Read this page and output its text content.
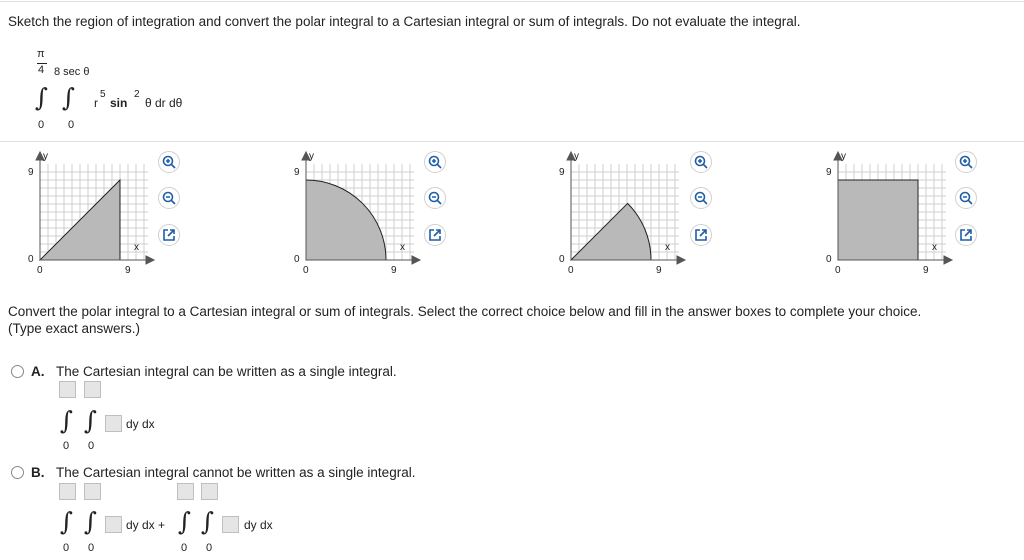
Sketch the region of integration and convert the polar integral to a Cartesian integral or sum of integrals. Do not evaluate the integral.
π
4 8 sec θ
∫ ∫
0 0
r
5
sin
2
θ dr dθ
y
9
0
x
0	9
y
9
0
x
0	9
y
9
0
x
0	9
y
9
0
x
0	9
Convert the polar integral to a Cartesian integral or sum of integrals. Select the correct choice below and fill in the answer boxes to complete your choice.
(Type exact answers.)
A. The Cartesian integral can be written as a single integral.
∫ ∫ dy dx
0 0
B. The Cartesian integral cannot be written as a single integral.
∫ ∫ dy dx +
0 0
∫ ∫ dy dx
0 0
